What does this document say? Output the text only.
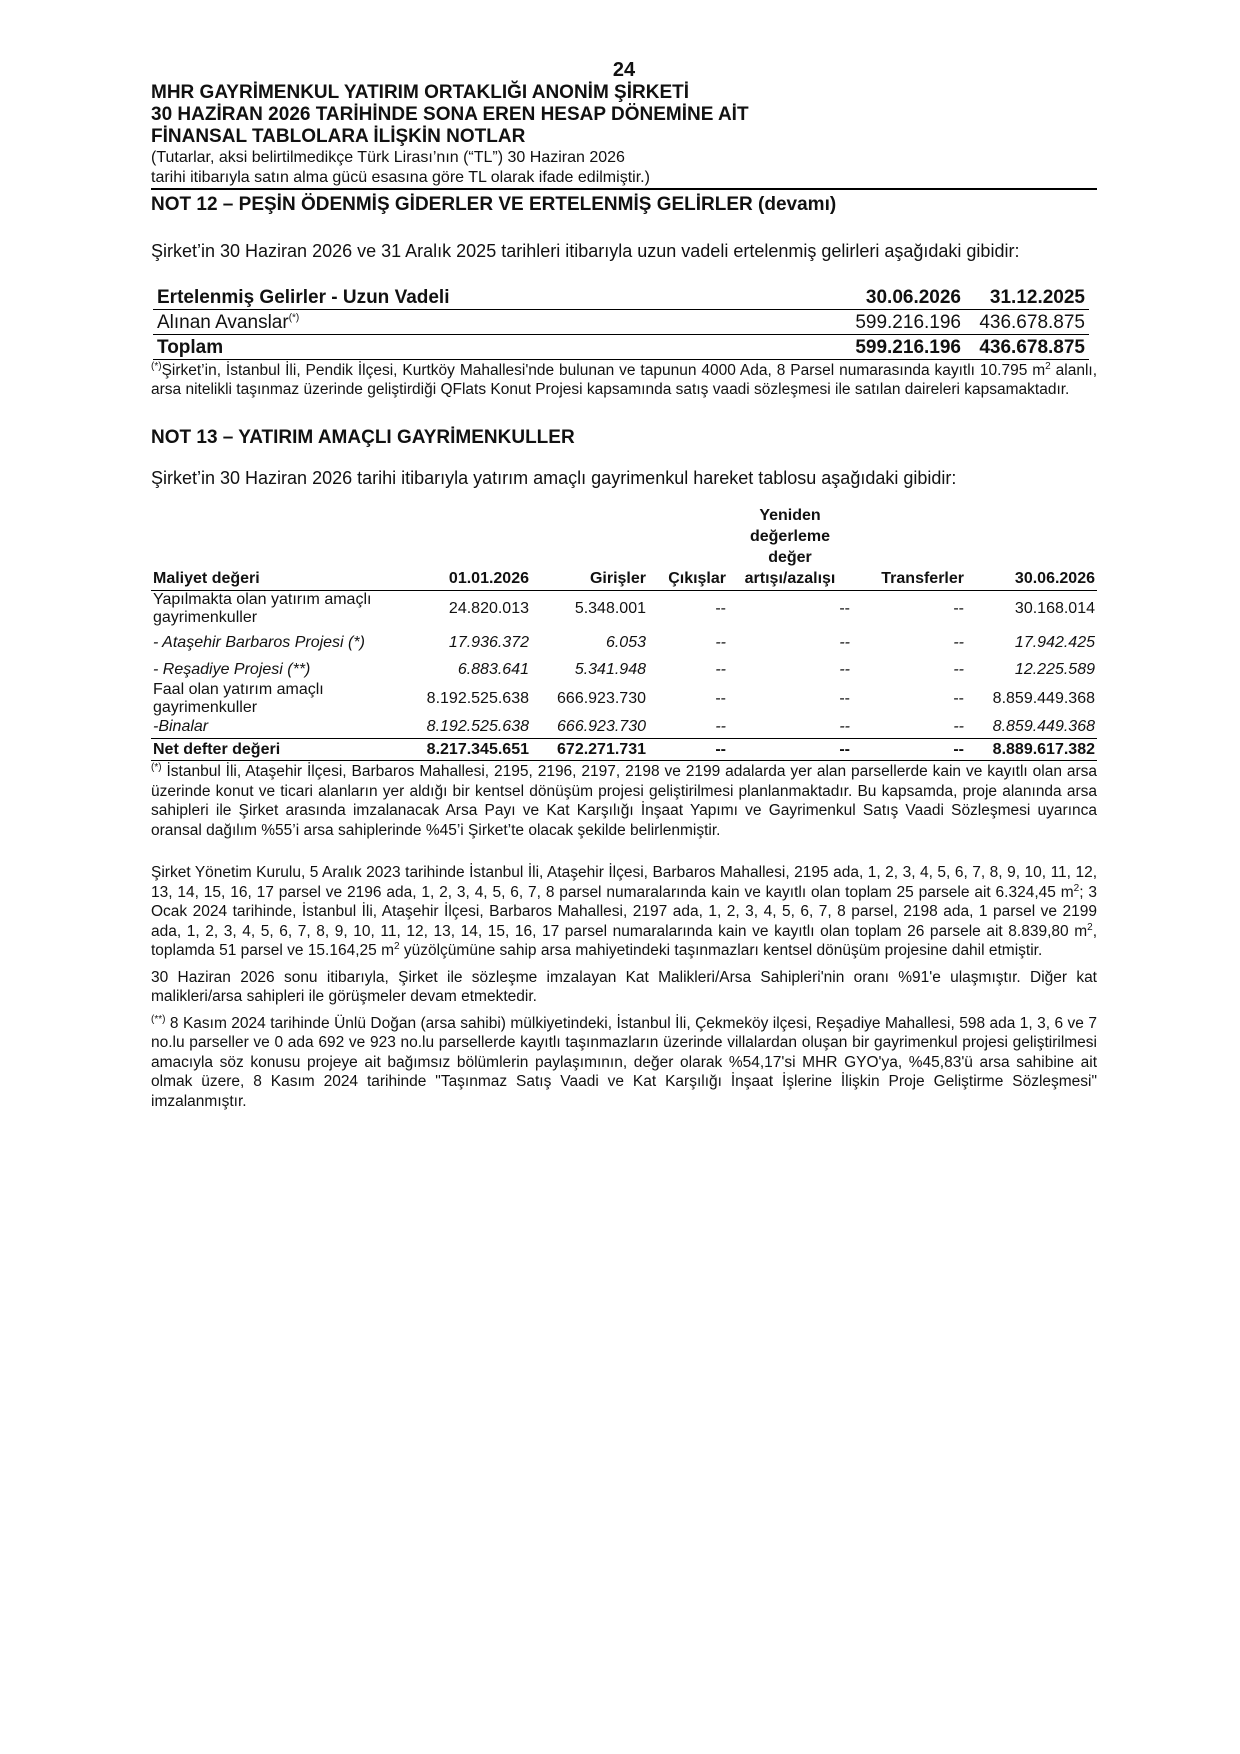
24
MHR GAYRİMENKUL YATIRIM ORTAKLIĞI ANONİM ŞİRKETİ
30 HAZİRAN 2026 TARİHİNDE SONA EREN HESAP DÖNEMİNE AİT
FİNANSAL TABLOLARA İLİŞKİN NOTLAR
(Tutarlar, aksi belirtilmedikçe Türk Lirası’nın (“TL”) 30 Haziran 2026
tarihi itibarıyla satın alma gücü esasına göre TL olarak ifade edilmiştir.)
NOT 12 – PEŞİN ÖDENMİŞ GİDERLER VE ERTELENMİŞ GELİRLER (devamı)

Şirket’in 30 Haziran 2026 ve 31 Aralık 2025 tarihleri itibarıyla uzun vadeli ertelenmiş gelirleri aşağıdaki gibidir:

Ertelenmiş Gelirler - Uzun Vadeli	30.06.2026	31.12.2025
Alınan Avanslar(*)	599.216.196	436.678.875
Toplam	599.216.196	436.678.875

(*)Şirket’in, İstanbul İli, Pendik İlçesi, Kurtköy Mahallesi'nde bulunan ve tapunun 4000 Ada, 8 Parsel numarasında kayıtlı 10.795 $m^2$ alanlı, arsa nitelikli taşınmaz üzerinde geliştirdiği QFlats Konut Projesi kapsamında satış vaadi sözleşmesi ile satılan daireleri kapsamaktadır.

NOT 13 – YATIRIM AMAÇLI GAYRİMENKULLER

Şirket’in 30 Haziran 2026 tarihi itibarıyla yatırım amaçlı gayrimenkul hareket tablosu aşağıdaki gibidir:

Maliyet değeri	01.01.2026	Girişler	Çıkışlar	Yeniden
değerleme
değer
artışı/azalışı	Transferler	30.06.2026
Yapılmakta olan yatırım amaçlı gayrimenkuller	24.820.013	5.348.001	--	--	--	30.168.014
- Ataşehir Barbaros Projesi (*)	17.936.372	6.053	--	--	--	17.942.425
- Reşadiye Projesi (**)	6.883.641	5.341.948	--	--	--	12.225.589
Faal olan yatırım amaçlı gayrimenkuller	8.192.525.638	666.923.730	--	--	--	8.859.449.368
-Binalar	8.192.525.638	666.923.730	--	--	--	8.859.449.368
Net defter değeri	8.217.345.651	672.271.731	--	--	--	8.889.617.382

(*) İstanbul İli, Ataşehir İlçesi, Barbaros Mahallesi, 2195, 2196, 2197, 2198 ve 2199 adalarda yer alan parsellerde kain ve kayıtlı olan arsa üzerinde konut ve ticari alanların yer aldığı bir kentsel dönüşüm projesi geliştirilmesi planlanmaktadır. Bu kapsamda, proje alanında arsa sahipleri ile Şirket arasında imzalanacak Arsa Payı ve Kat Karşılığı İnşaat Yapımı ve Gayrimenkul Satış Vaadi Sözleşmesi uyarınca oransal dağılım %55’i arsa sahiplerinde %45’i Şirket’te olacak şekilde belirlenmiştir.

Şirket Yönetim Kurulu, 5 Aralık 2023 tarihinde İstanbul İli, Ataşehir İlçesi, Barbaros Mahallesi, 2195 ada, 1, 2, 3, 4, 5, 6, 7, 8, 9, 10, 11, 12, 13, 14, 15, 16, 17 parsel ve 2196 ada, 1, 2, 3, 4, 5, 6, 7, 8 parsel numaralarında kain ve kayıtlı olan toplam 25 parsele ait 6.324,45 $m^2$; 3 Ocak 2024 tarihinde, İstanbul İli, Ataşehir İlçesi, Barbaros Mahallesi, 2197 ada, 1, 2, 3, 4, 5, 6, 7, 8 parsel, 2198 ada, 1 parsel ve 2199 ada, 1, 2, 3, 4, 5, 6, 7, 8, 9, 10, 11, 12, 13, 14, 15, 16, 17 parsel numaralarında kain ve kayıtlı olan toplam 26 parsele ait 8.839,80 $m^2$, toplamda 51 parsel ve 15.164,25 $m^2$ yüzölçümüne sahip arsa mahiyetindeki taşınmazları kentsel dönüşüm projesine dahil etmiştir.

30 Haziran 2026 sonu itibarıyla, Şirket ile sözleşme imzalayan Kat Malikleri/Arsa Sahipleri'nin oranı %91'e ulaşmıştır. Diğer kat malikleri/arsa sahipleri ile görüşmeler devam etmektedir.

(**) 8 Kasım 2024 tarihinde Ünlü Doğan (arsa sahibi) mülkiyetindeki, İstanbul İli, Çekmeköy ilçesi, Reşadiye Mahallesi, 598 ada 1, 3, 6 ve 7 no.lu parseller ve 0 ada 692 ve 923 no.lu parsellerde kayıtlı taşınmazların üzerinde villalardan oluşan bir gayrimenkul projesi geliştirilmesi amacıyla söz konusu projeye ait bağımsız bölümlerin paylaşımının, değer olarak %54,17'si MHR GYO'ya, %45,83'ü arsa sahibine ait olmak üzere, 8 Kasım 2024 tarihinde "Taşınmaz Satış Vaadi ve Kat Karşılığı İnşaat İşlerine İlişkin Proje Geliştirme Sözleşmesi" imzalanmıştır.
